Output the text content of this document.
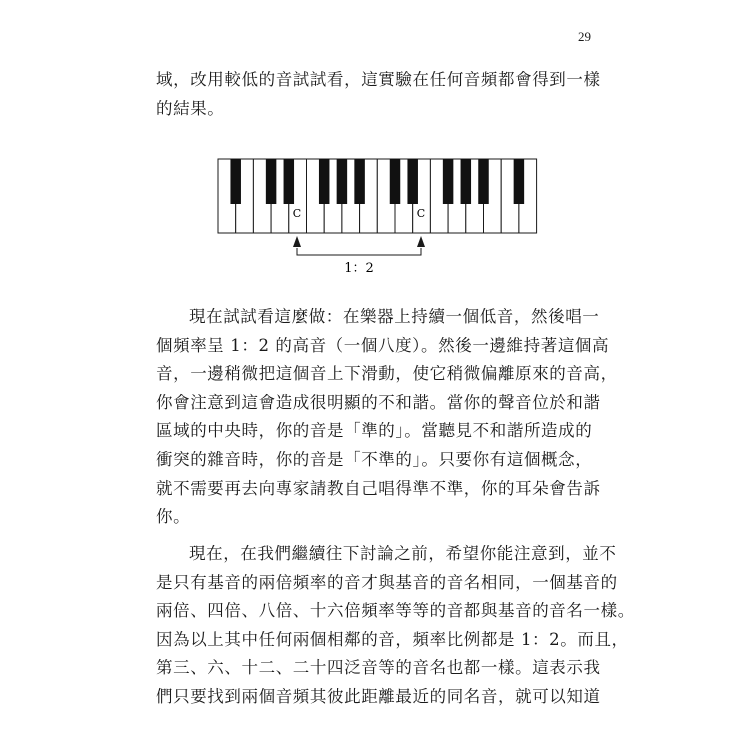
29
域，改用較低的音試試看，這實驗在任何音頻都會得到一樣
的結果。
C	C
1：2
現在試試看這麼做：在樂器上持續一個低音，然後唱一
個頻率呈 1：2 的高音（一個八度）。然後一邊維持著這個高
音，一邊稍微把這個音上下滑動，使它稍微偏離原來的音高，
你會注意到這會造成很明顯的不和諧。當你的聲音位於和諧
區域的中央時，你的音是「準的」。當聽見不和諧所造成的
衝突的雜音時，你的音是「不準的」。只要你有這個概念，
就不需要再去向專家請教自己唱得準不準，你的耳朵會告訴
你。
現在，在我們繼續往下討論之前，希望你能注意到，並不
是只有基音的兩倍頻率的音才與基音的音名相同，一個基音的
兩倍、四倍、八倍、十六倍頻率等等的音都與基音的音名一樣。
因為以上其中任何兩個相鄰的音，頻率比例都是 1：2。而且，
第三、六、十二、二十四泛音等的音名也都一樣。這表示我
們只要找到兩個音頻其彼此距離最近的同名音，就可以知道
